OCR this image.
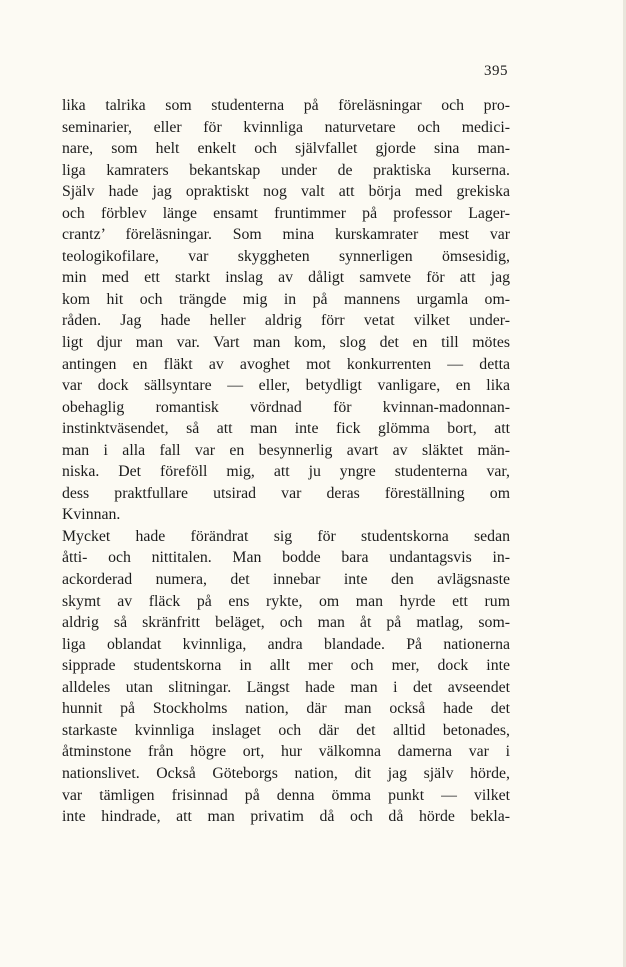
395
lika talrika som studenterna på föreläsningar och pro-
seminarier, eller för kvinnliga naturvetare och medici-
nare, som helt enkelt och självfallet gjorde sina man-
liga kamraters bekantskap under de praktiska kurserna.
Själv hade jag opraktiskt nog valt att börja med grekiska
och förblev länge ensamt fruntimmer på professor Lager-
crantz’ föreläsningar. Som mina kurskamrater mest var
teologikofilare, var skyggheten synnerligen ömsesidig,
min med ett starkt inslag av dåligt samvete för att jag
kom hit och trängde mig in på mannens urgamla om-
råden. Jag hade heller aldrig förr vetat vilket under-
ligt djur man var. Vart man kom, slog det en till mötes
antingen en fläkt av avoghet mot konkurrenten — detta
var dock sällsyntare — eller, betydligt vanligare, en lika
obehaglig romantisk vördnad för kvinnan-madonnan-
instinktväsendet, så att man inte fick glömma bort, att
man i alla fall var en besynnerlig avart av släktet män-
niska. Det föreföll mig, att ju yngre studenterna var,
dess praktfullare utsirad var deras föreställning om
Kvinnan.
Mycket hade förändrat sig för studentskorna sedan
åtti- och nittitalen. Man bodde bara undantagsvis in-
ackorderad numera, det innebar inte den avlägsnaste
skymt av fläck på ens rykte, om man hyrde ett rum
aldrig så skränfritt beläget, och man åt på matlag, som-
liga oblandat kvinnliga, andra blandade. På nationerna
sipprade studentskorna in allt mer och mer, dock inte
alldeles utan slitningar. Längst hade man i det avseendet
hunnit på Stockholms nation, där man också hade det
starkaste kvinnliga inslaget och där det alltid betonades,
åtminstone från högre ort, hur välkomna damerna var i
nationslivet. Också Göteborgs nation, dit jag själv hörde,
var tämligen frisinnad på denna ömma punkt — vilket
inte hindrade, att man privatim då och då hörde bekla-
